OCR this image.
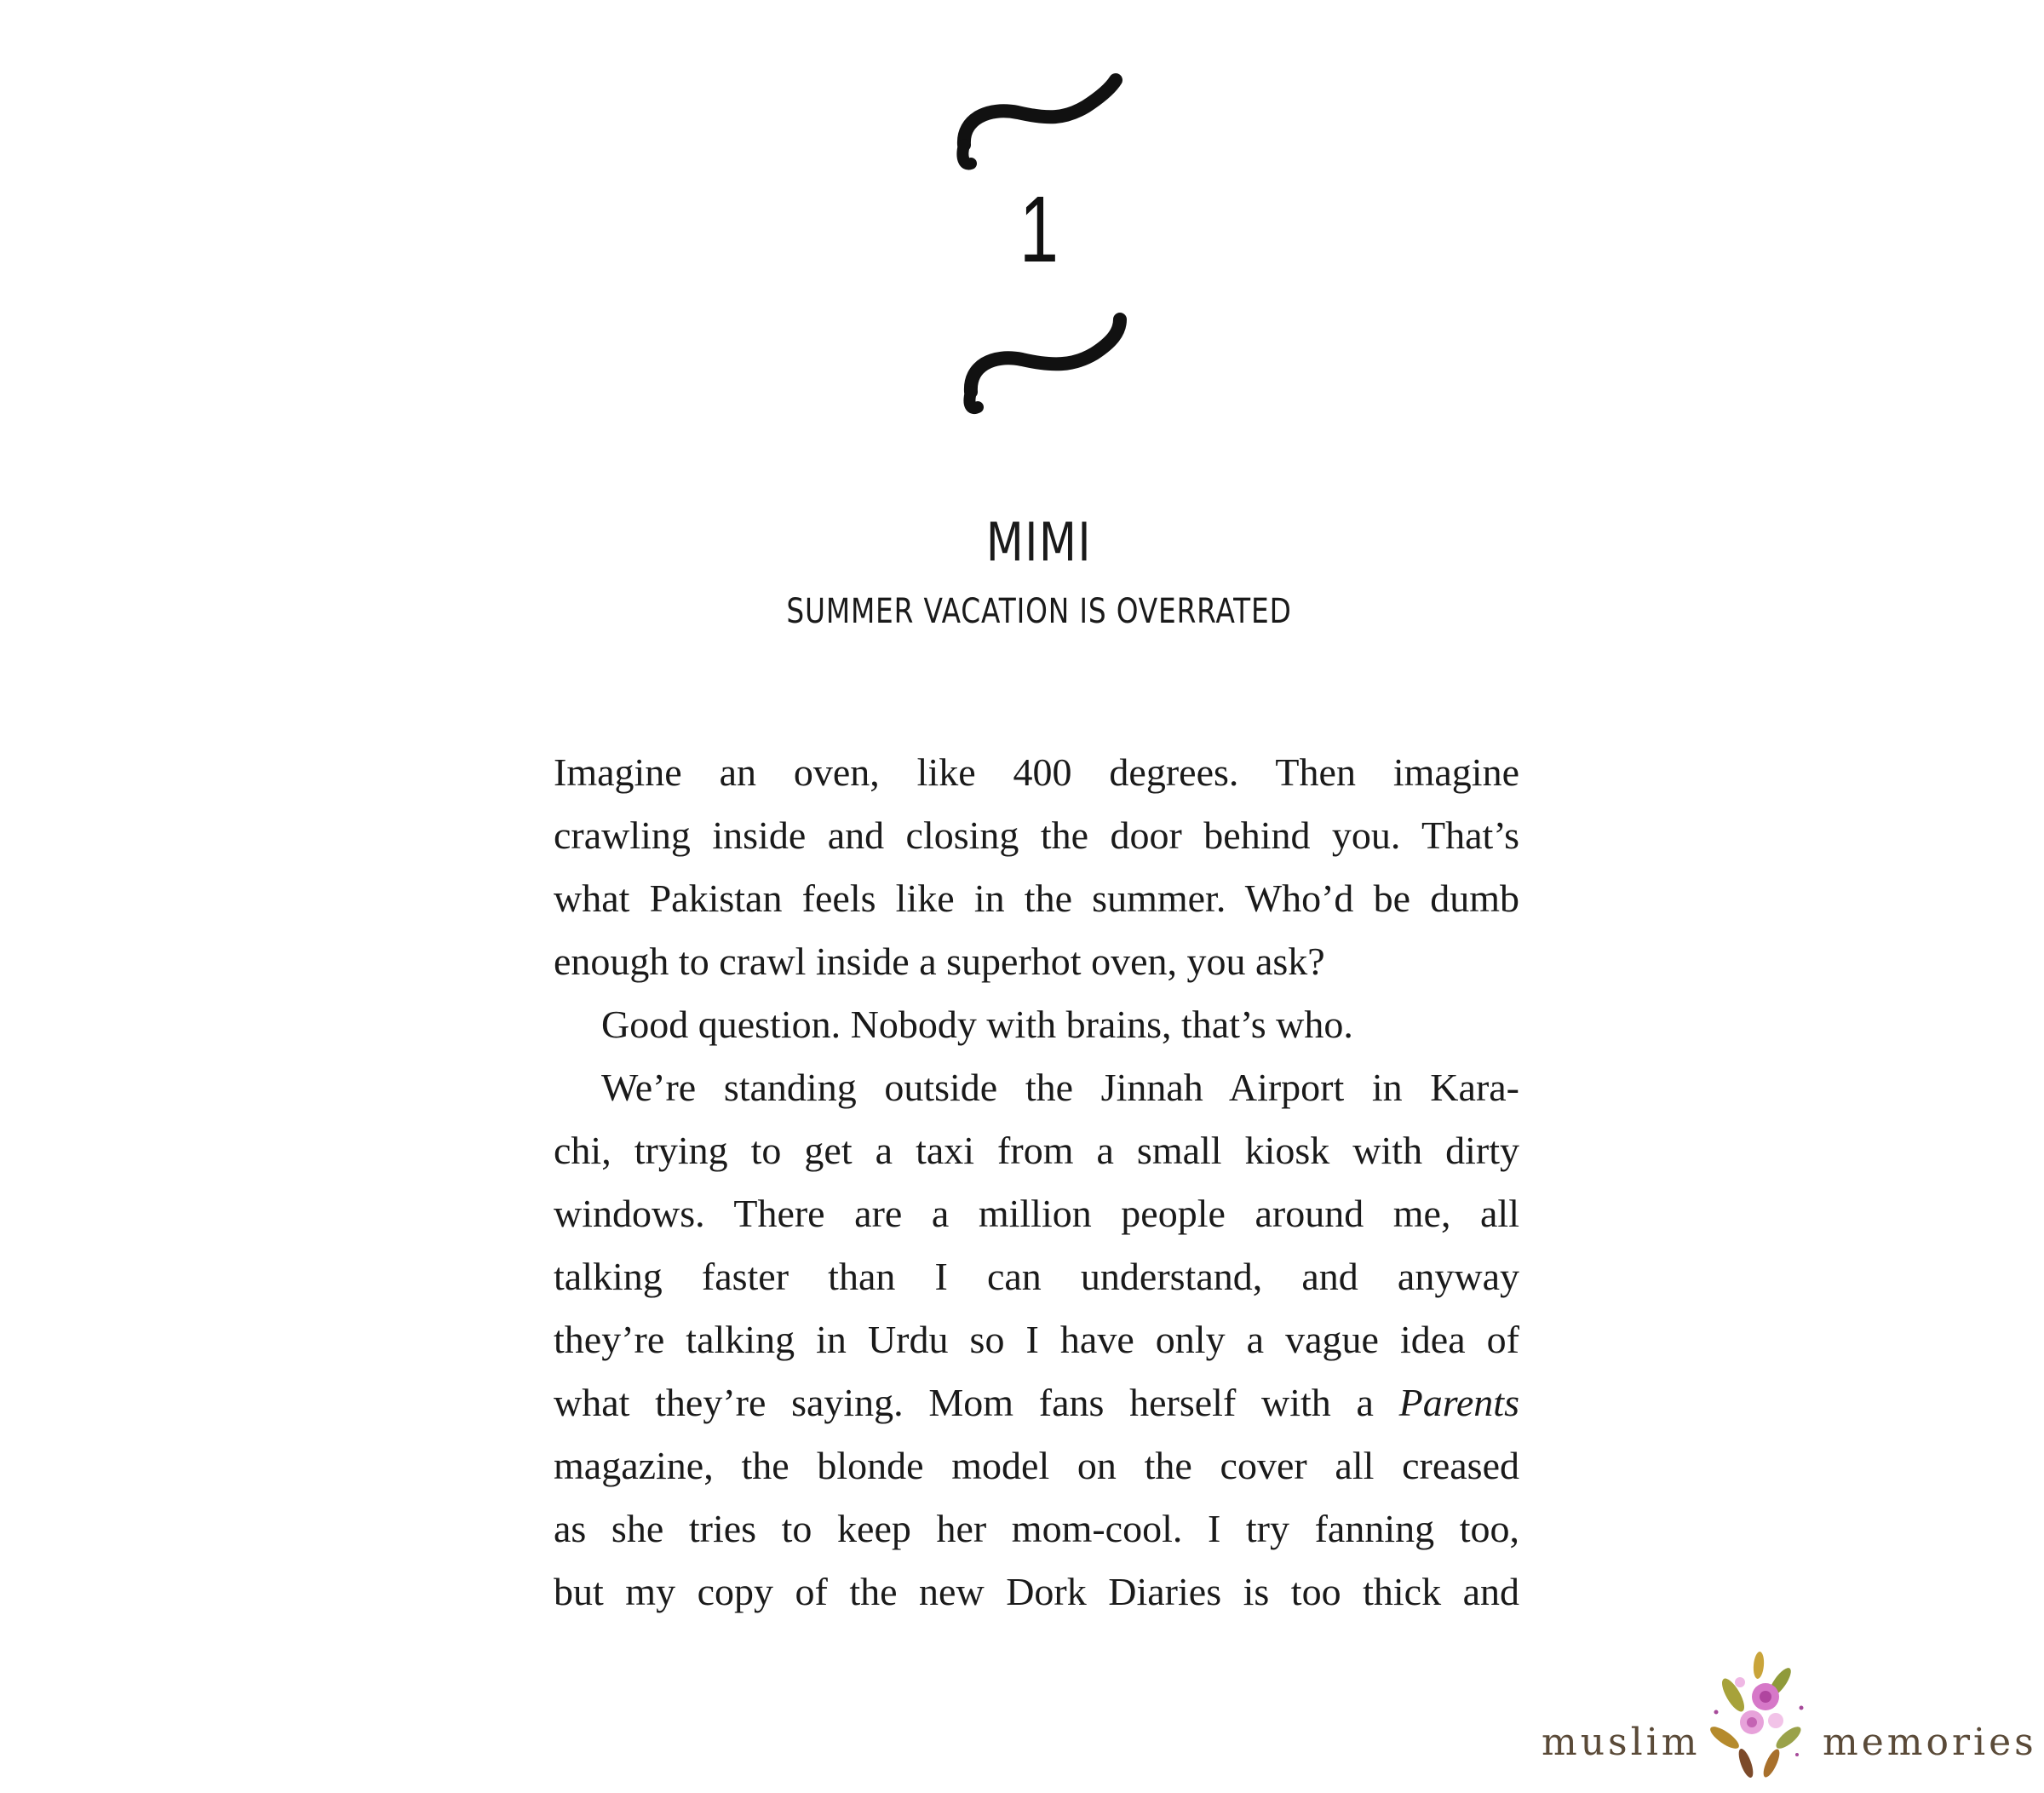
1
MIMI
SUMMER VACATION IS OVERRATED

Imagine an oven, like 400 degrees. Then imagine
crawling inside and closing the door behind you. That’s
what Pakistan feels like in the summer. Who’d be dumb
enough to crawl inside a superhot oven, you ask?

Good question. Nobody with brains, that’s who.

We’re standing outside the Jinnah Airport in Kara-
chi, trying to get a taxi from a small kiosk with dirty
windows. There are a million people around me, all
talking faster than I can understand, and anyway
they’re talking in Urdu so I have only a vague idea of
what they’re saying. Mom fans herself with a Parents
magazine, the blonde model on the cover all creased
as she tries to keep her mom-cool. I try fanning too,
but my copy of the new Dork Diaries is too thick and

muslim	memories
